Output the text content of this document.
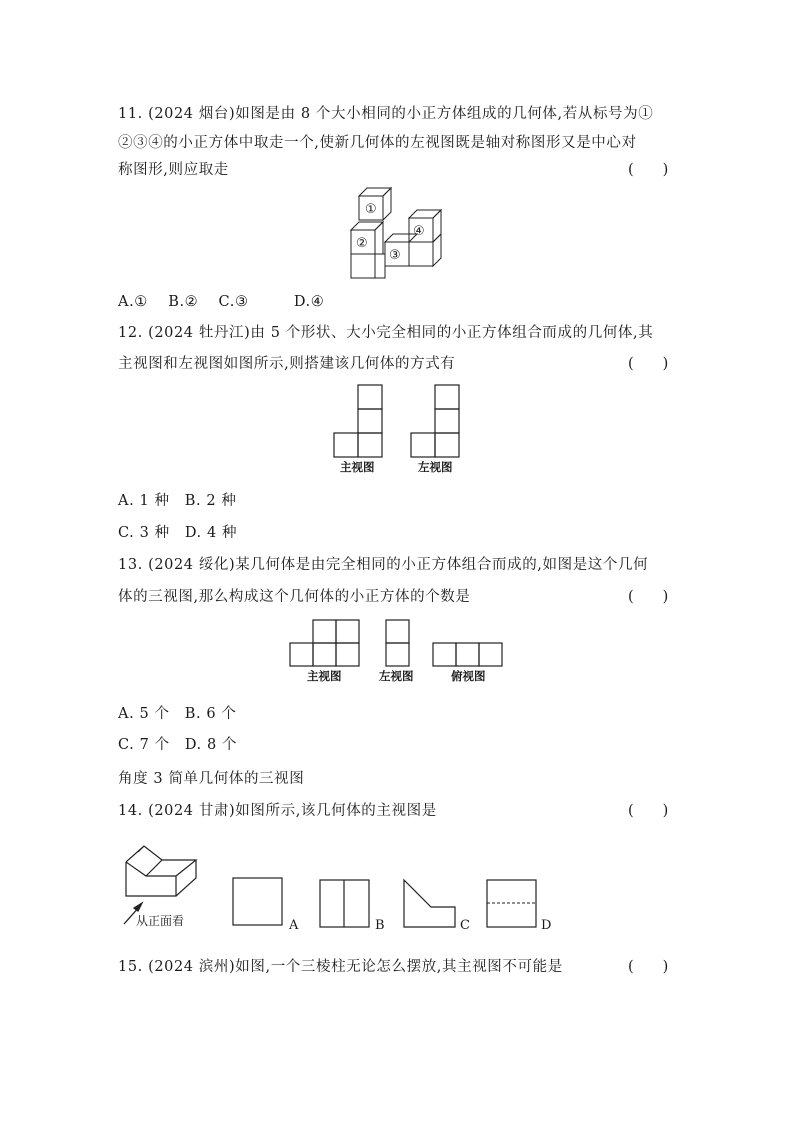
11. (2024 烟台)如图是由 8 个大小相同的小正方体组成的几何体,若从标号为①
②③④的小正方体中取走一个,使新几何体的左视图既是轴对称图形又是中心对
称图形,则应取走	(　　)
①
②
③
④
A.①　 B.②　 C.③　　　D.④
12. (2024 牡丹江)由 5 个形状、大小完全相同的小正方体组合而成的几何体,其
主视图和左视图如图所示,则搭建该几何体的方式有	(　　)
主视图	左视图
A. 1 种　B. 2 种
C. 3 种　D. 4 种
13. (2024 绥化)某几何体是由完全相同的小正方体组合而成的,如图是这个几何
体的三视图,那么构成这个几何体的小正方体的个数是	(　　)
主视图	左视图	俯视图
A. 5 个　B. 6 个
C. 7 个　D. 8 个
角度 3 简单几何体的三视图
14. (2024 甘肃)如图所示,该几何体的主视图是	(　　)
从正面看	A	B	C	D
15. (2024 滨州)如图,一个三棱柱无论怎么摆放,其主视图不可能是	(　　)
